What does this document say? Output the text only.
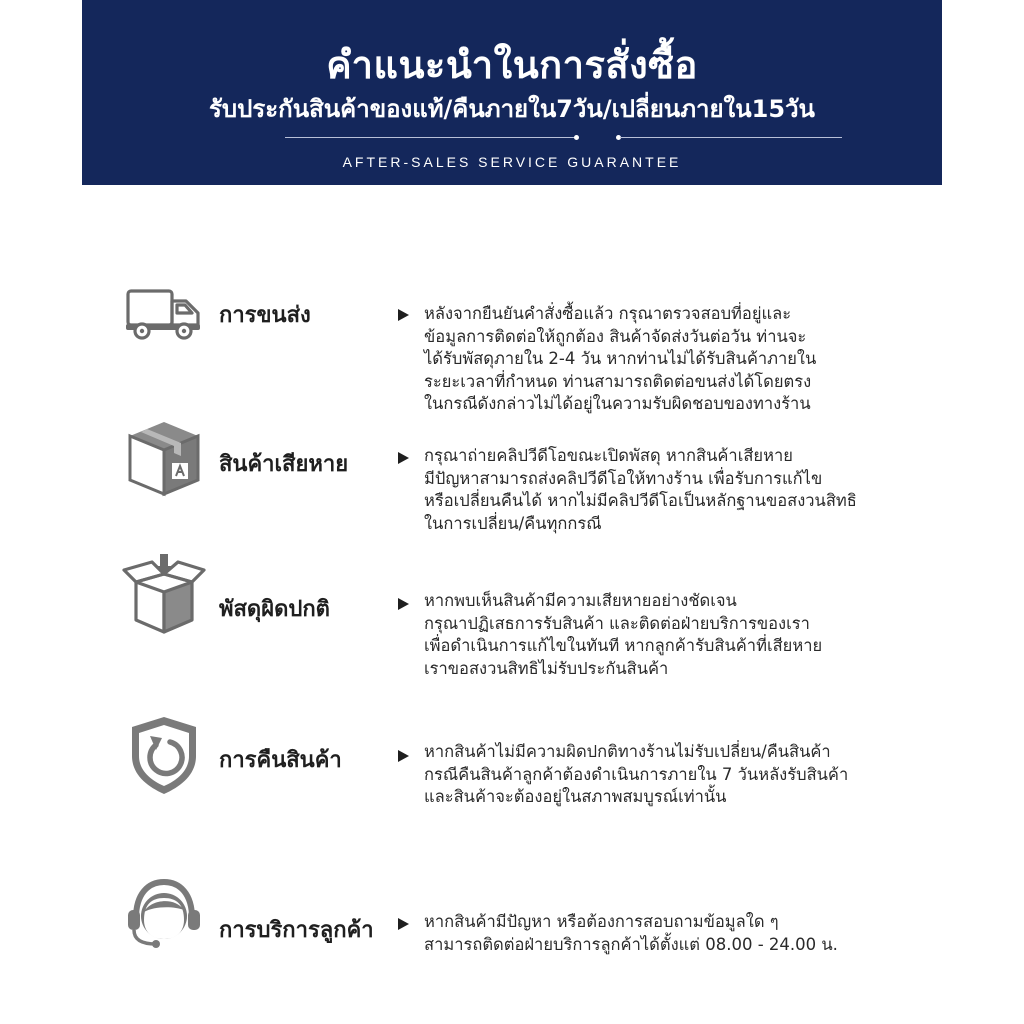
คำแนะนำในการสั่งซื้อ
รับประกันสินค้าของแท้/คืนภายใน7วัน/เปลี่ยนภายใน15วัน
AFTER-SALES SERVICE GUARANTEE
การขนส่ง	หลังจากยืนยันคำสั่งซื้อแล้ว กรุณาตรวจสอบที่อยู่และ
ข้อมูลการติดต่อให้ถูกต้อง สินค้าจัดส่งวันต่อวัน ท่านจะ
ได้รับพัสดุภายใน 2-4 วัน หากท่านไม่ได้รับสินค้าภายใน
ระยะเวลาที่กำหนด ท่านสามารถติดต่อขนส่งได้โดยตรง
ในกรณีดังกล่าวไม่ได้อยู่ในความรับผิดชอบของทางร้าน
สินค้าเสียหาย	กรุณาถ่ายคลิปวีดีโอขณะเปิดพัสดุ หากสินค้าเสียหาย
มีปัญหาสามารถส่งคลิปวีดีโอให้ทางร้าน เพื่อรับการแก้ไข
หรือเปลี่ยนคืนได้ หากไม่มีคลิปวีดีโอเป็นหลักฐานขอสงวนสิทธิ
ในการเปลี่ยน/คืนทุกกรณี
พัสดุผิดปกติ	หากพบเห็นสินค้ามีความเสียหายอย่างชัดเจน
กรุณาปฏิเสธการรับสินค้า และติดต่อฝ่ายบริการของเรา
เพื่อดำเนินการแก้ไขในทันที หากลูกค้ารับสินค้าที่เสียหาย
เราขอสงวนสิทธิไม่รับประกันสินค้า
การคืนสินค้า	หากสินค้าไม่มีความผิดปกติทางร้านไม่รับเปลี่ยน/คืนสินค้า
กรณีคืนสินค้าลูกค้าต้องดำเนินการภายใน 7 วันหลังรับสินค้า
และสินค้าจะต้องอยู่ในสภาพสมบูรณ์เท่านั้น
การบริการลูกค้า	หากสินค้ามีปัญหา หรือต้องการสอบถามข้อมูลใด ๆ
สามารถติดต่อฝ่ายบริการลูกค้าได้ตั้งแต่ 08.00 - 24.00 น.
